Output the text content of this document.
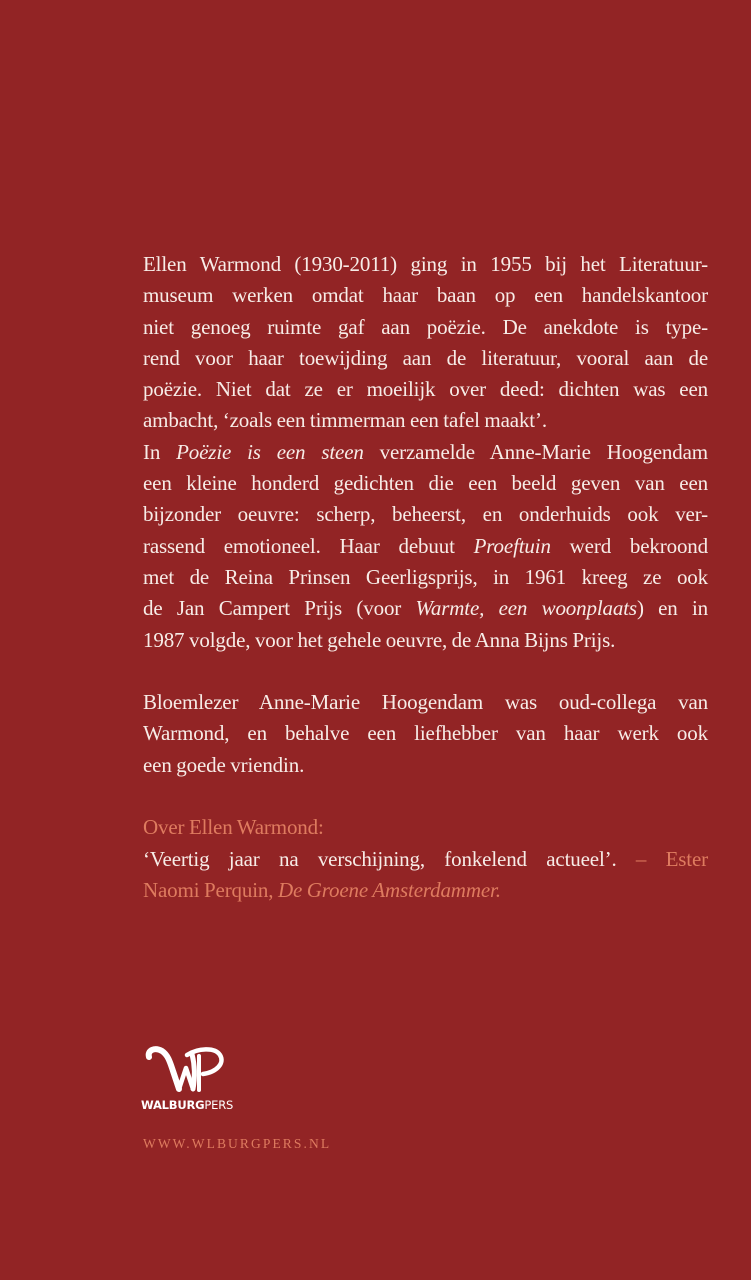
Ellen Warmond (1930-2011) ging in 1955 bij het Literatuur-
museum werken omdat haar baan op een handelskantoor
niet genoeg ruimte gaf aan poëzie. De anekdote is type-
rend voor haar toewijding aan de literatuur, vooral aan de
poëzie. Niet dat ze er moeilijk over deed: dichten was een
ambacht, ‘zoals een timmerman een tafel maakt’.
In Poëzie is een steen verzamelde Anne-Marie Hoogendam
een kleine honderd gedichten die een beeld geven van een
bijzonder oeuvre: scherp, beheerst, en onderhuids ook ver-
rassend emotioneel. Haar debuut Proeftuin werd bekroond
met de Reina Prinsen Geerligsprijs, in 1961 kreeg ze ook
de Jan Campert Prijs (voor Warmte, een woonplaats) en in
1987 volgde, voor het gehele oeuvre, de Anna Bijns Prijs.
Bloemlezer Anne-Marie Hoogendam was oud-collega van
Warmond, en behalve een liefhebber van haar werk ook
een goede vriendin.
Over Ellen Warmond:
‘Veertig jaar na verschijning, fonkelend actueel’. – Ester
Naomi Perquin, De Groene Amsterdammer.
WALBURGPERS
WWW.WLBURGPERS.NL
